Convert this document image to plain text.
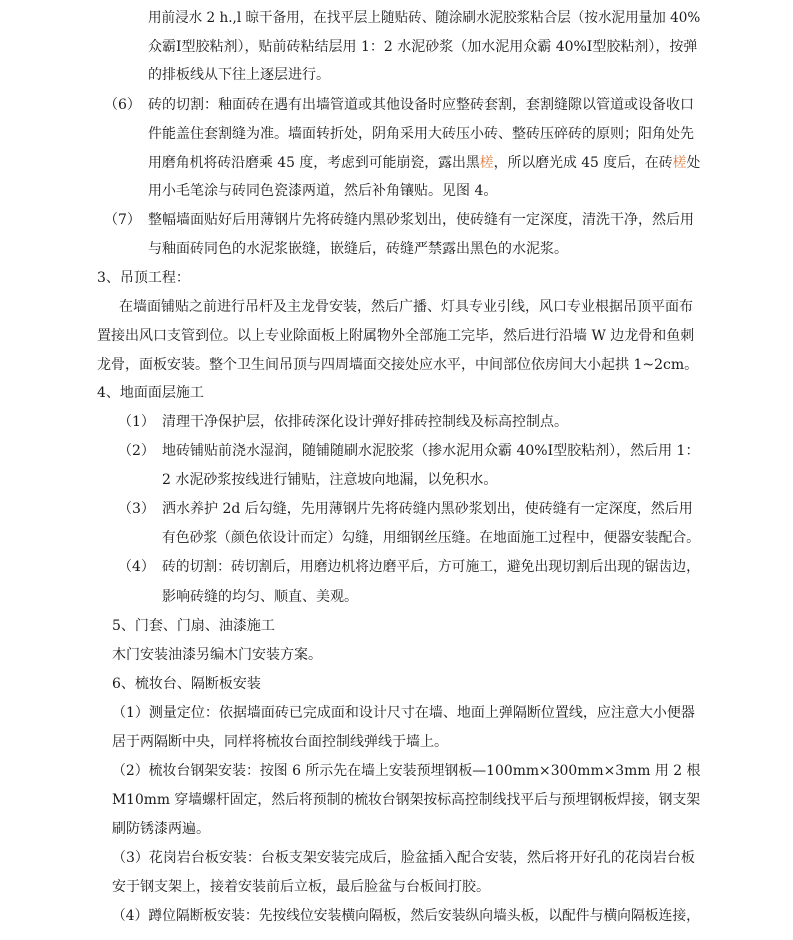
用前浸水 2 h.,l 晾干备用，在找平层上随贴砖、随涂刷水泥胶浆粘合层（按水泥用量加 40%
众霸Ⅰ型胶粘剂），贴前砖粘结层用 1：2 水泥砂浆（加水泥用众霸 40%Ⅰ型胶粘剂），按弹
的排板线从下往上逐层进行。
（6） 砖的切割：釉面砖在遇有出墙管道或其他设备时应整砖套割，套割缝隙以管道或设备收口
件能盖住套割缝为准。墙面转折处，阴角采用大砖压小砖、整砖压碎砖的原则；阳角处先
用磨角机将砖沿磨乘 45 度，考虑到可能崩瓷，露出黑槎，所以磨光成 45 度后，在砖槎处
用小毛笔涂与砖同色瓷漆两道，然后补角镶贴。见图 4。
（7） 整幅墙面贴好后用薄钢片先将砖缝内黑砂浆划出，使砖缝有一定深度，清洗干净，然后用
与釉面砖同色的水泥浆嵌缝，嵌缝后，砖缝严禁露出黑色的水泥浆。
3、吊顶工程：
在墙面铺贴之前进行吊杆及主龙骨安装，然后广播、灯具专业引线，风口专业根据吊顶平面布
置接出风口支管到位。以上专业除面板上附属物外全部施工完毕，然后进行沿墙 W 边龙骨和鱼刺
龙骨，面板安装。整个卫生间吊顶与四周墙面交接处应水平，中间部位依房间大小起拱 1~2cm。
4、地面面层施工
（1） 清理干净保护层，依排砖深化设计弹好排砖控制线及标高控制点。
（2） 地砖铺贴前浇水湿润，随铺随刷水泥胶浆（掺水泥用众霸 40%Ⅰ型胶粘剂），然后用 1：
2 水泥砂浆按线进行铺贴，注意坡向地漏，以免积水。
（3） 洒水养护 2d 后勾缝，先用薄钢片先将砖缝内黑砂浆划出，使砖缝有一定深度，然后用
有色砂浆（颜色依设计而定）勾缝，用细钢丝压缝。在地面施工过程中，便器安装配合。
（4） 砖的切割：砖切割后，用磨边机将边磨平后，方可施工，避免出现切割后出现的锯齿边，
影响砖缝的均匀、顺直、美观。
5、门套、门扇、油漆施工
木门安装油漆另编木门安装方案。
6、梳妆台、隔断板安装
（1）测量定位：依据墙面砖已完成面和设计尺寸在墙、地面上弹隔断位置线，应注意大小便器
居于两隔断中央，同样将梳妆台面控制线弹线于墙上。
（2）梳妆台钢架安装：按图 6 所示先在墙上安装预埋钢板—100mm×300mm×3mm 用 2 根
M10mm 穿墙螺杆固定，然后将预制的梳妆台钢架按标高控制线找平后与预埋钢板焊接，钢支架
刷防锈漆两遍。
（3）花岗岩台板安装：台板支架安装完成后，脸盆插入配合安装，然后将开好孔的花岗岩台板
安于钢支架上，接着安装前后立板，最后脸盆与台板间打胶。
（4）蹲位隔断板安装：先按线位安装横向隔板，然后安装纵向墙头板，以配件与横向隔板连接，
